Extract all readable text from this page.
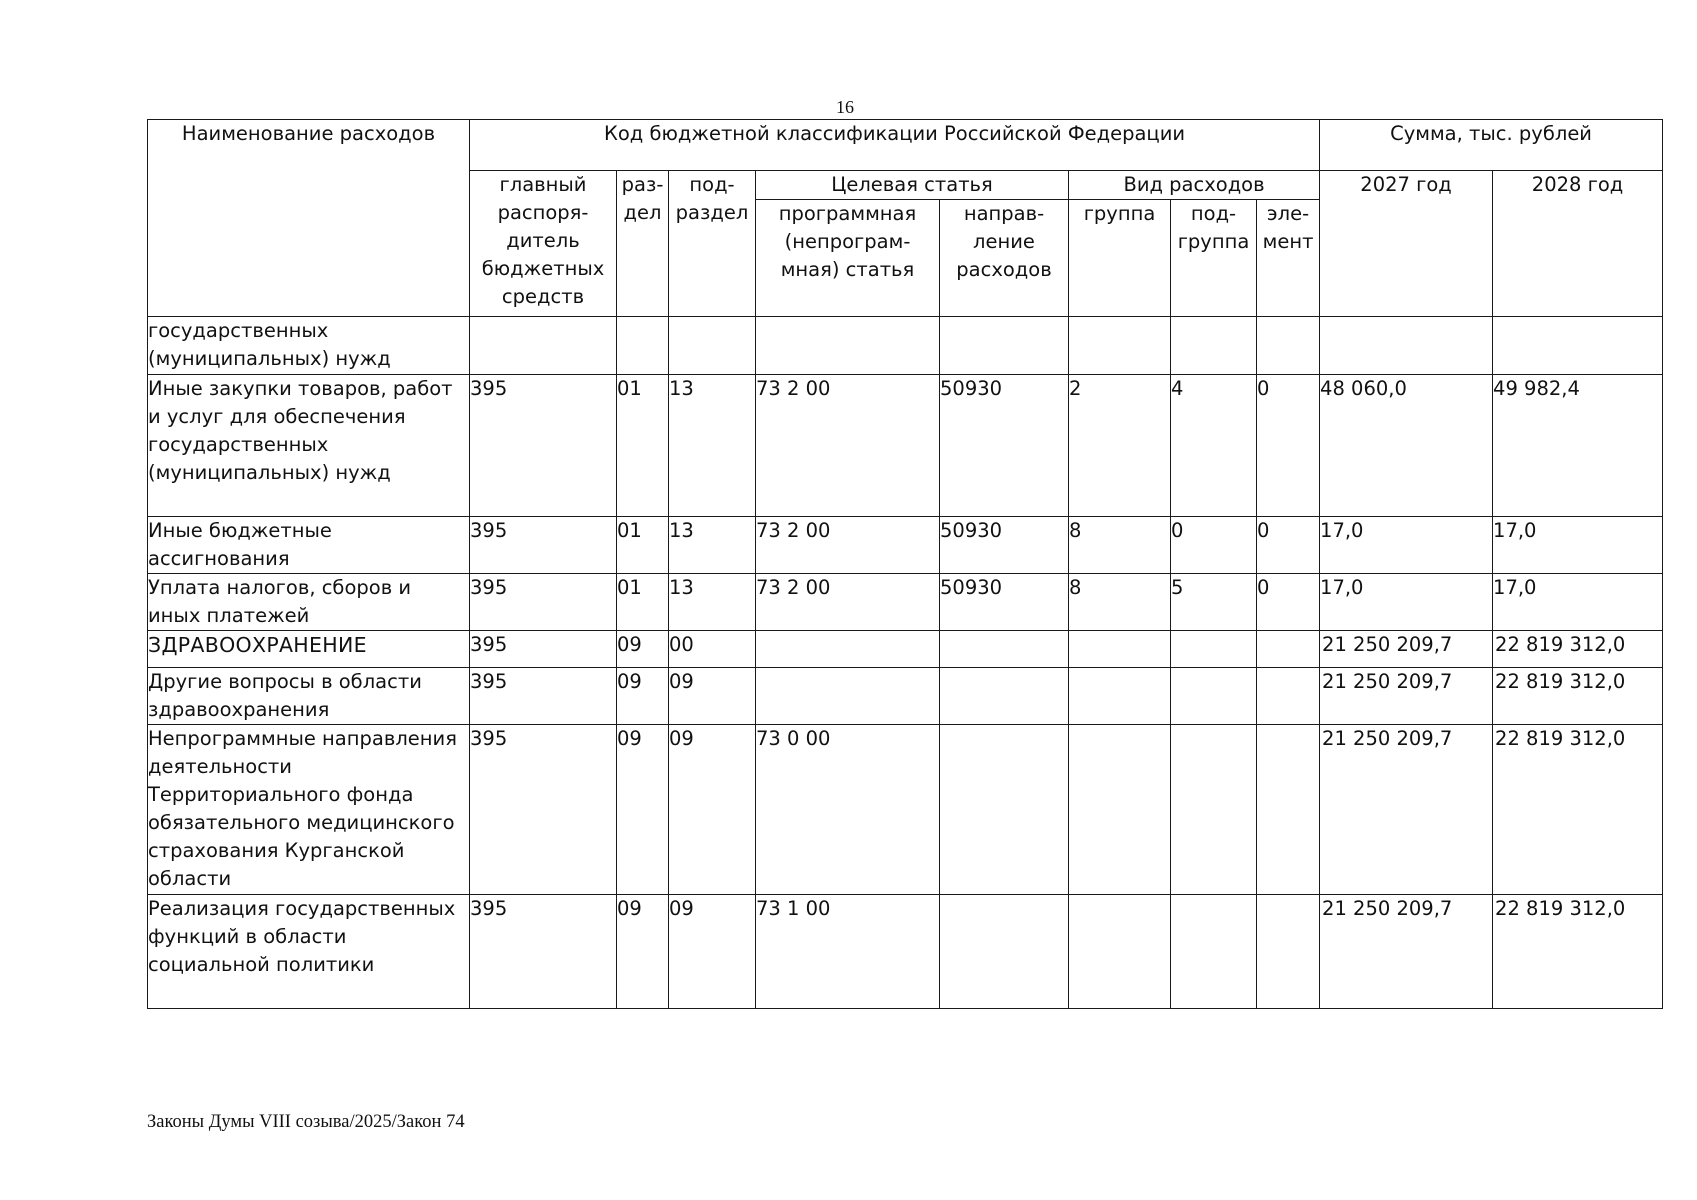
16
Наименование расходов	Код бюджетной классификации Российской Федерации								Сумма, тыс. рублей	
	главный распоря-дитель бюджетных средств	раз-дел	под-раздел	Целевая статья		Вид расходов			2027 год	2028 год
				программная (непрограм-мная) статья	направ-ление расходов	группа	под-группа	эле-мент		
государственных (муниципальных) нужд										
Иные закупки товаров, работ и услуг для обеспечения государственных (муниципальных) нужд	395	01	13	73 2 00	50930	2	4	0	48 060,0	49 982,4
Иные бюджетные ассигнования	395	01	13	73 2 00	50930	8	0	0	17,0	17,0
Уплата налогов, сборов и иных платежей	395	01	13	73 2 00	50930	8	5	0	17,0	17,0
ЗДРАВООХРАНЕНИЕ	395	09	00						21 250 209,7	22 819 312,0
Другие вопросы в области здравоохранения	395	09	09						21 250 209,7	22 819 312,0
Непрограммные направления деятельности Территориального фонда обязательного медицинского страхования Курганской области	395	09	09	73 0 00					21 250 209,7	22 819 312,0
Реализация государственных функций в области социальной политики	395	09	09	73 1 00					21 250 209,7	22 819 312,0
Законы Думы VIII созыва/2025/Закон 74
